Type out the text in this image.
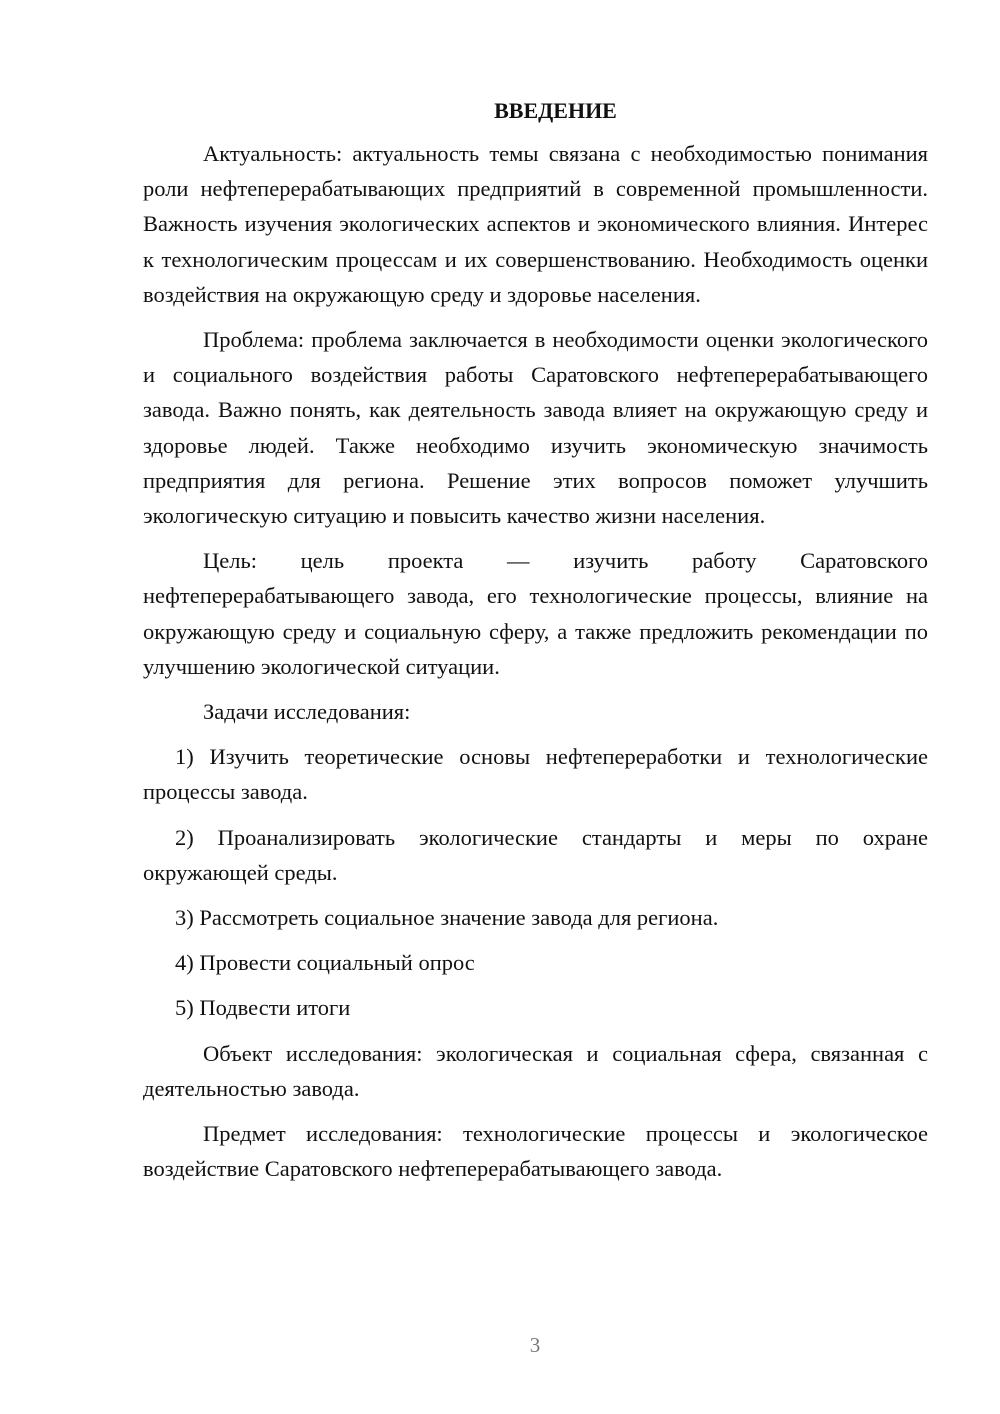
ВВЕДЕНИЕ

Актуальность: актуальность темы связана с необходимостью понимания роли нефтеперерабатывающих предприятий в современной промышленности. Важность изучения экологических аспектов и экономического влияния. Интерес к технологическим процессам и их совершенствованию. Необходимость оценки воздействия на окружающую среду и здоровье населения.

Проблема: проблема заключается в необходимости оценки экологического и социального воздействия работы Саратовского нефтеперерабатывающего завода. Важно понять, как деятельность завода влияет на окружающую среду и здоровье людей. Также необходимо изучить экономическую значимость предприятия для региона. Решение этих вопросов поможет улучшить экологическую ситуацию и повысить качество жизни населения.

Цель: цель проекта — изучить работу Саратовского нефтеперерабатывающего завода, его технологические процессы, влияние на окружающую среду и социальную сферу, а также предложить рекомендации по улучшению экологической ситуации.

Задачи исследования:

1) Изучить теоретические основы нефтепереработки и технологические процессы завода.

2) Проанализировать экологические стандарты и меры по охране окружающей среды.

3) Рассмотреть социальное значение завода для региона.

4) Провести социальный опрос

5) Подвести итоги

Объект исследования: экологическая и социальная сфера, связанная с деятельностью завода.

Предмет исследования: технологические процессы и экологическое воздействие Саратовского нефтеперерабатывающего завода.

3
